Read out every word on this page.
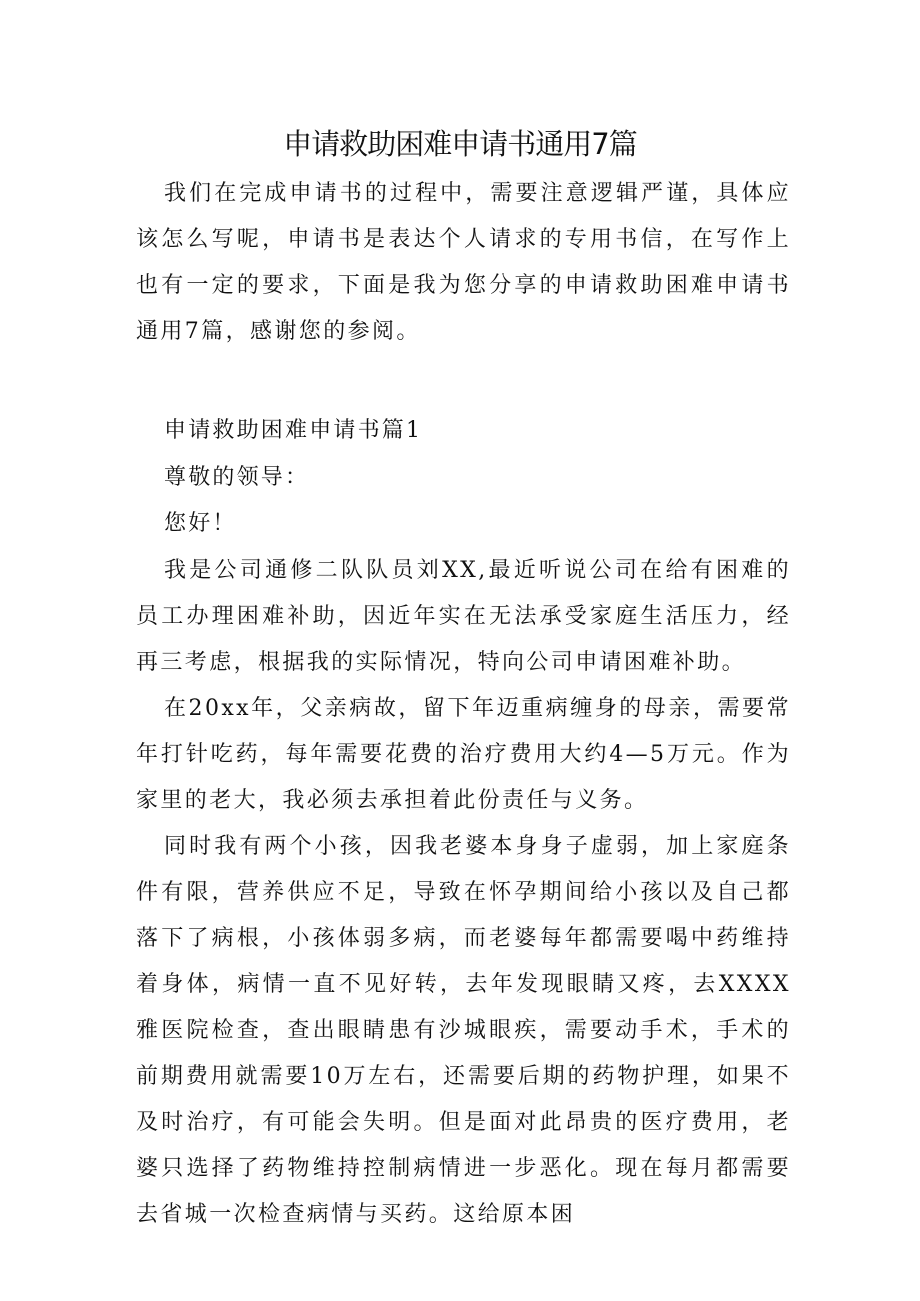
申请救助困难申请书通用7篇

我们在完成申请书的过程中，需要注意逻辑严谨，具体应该怎么写呢，申请书是表达个人请求的专用书信，在写作上也有一定的要求，下面是我为您分享的申请救助困难申请书通用7篇，感谢您的参阅。

申请救助困难申请书篇1

尊敬的领导：

您好！

我是公司通修二队队员刘XX,最近听说公司在给有困难的员工办理困难补助，因近年实在无法承受家庭生活压力，经再三考虑，根据我的实际情况，特向公司申请困难补助。

在20xx年，父亲病故，留下年迈重病缠身的母亲，需要常年打针吃药，每年需要花费的治疗费用大约4—5万元。作为家里的老大，我必须去承担着此份责任与义务。

同时我有两个小孩，因我老婆本身身子虚弱，加上家庭条件有限，营养供应不足，导致在怀孕期间给小孩以及自己都落下了病根，小孩体弱多病，而老婆每年都需要喝中药维持着身体，病情一直不见好转，去年发现眼睛又疼，去XXXX雅医院检查，查出眼睛患有沙城眼疾，需要动手术，手术的前期费用就需要10万左右，还需要后期的药物护理，如果不及时治疗，有可能会失明。但是面对此昂贵的医疗费用，老婆只选择了药物维持控制病情进一步恶化。现在每月都需要去省城一次检查病情与买药。这给原本困
